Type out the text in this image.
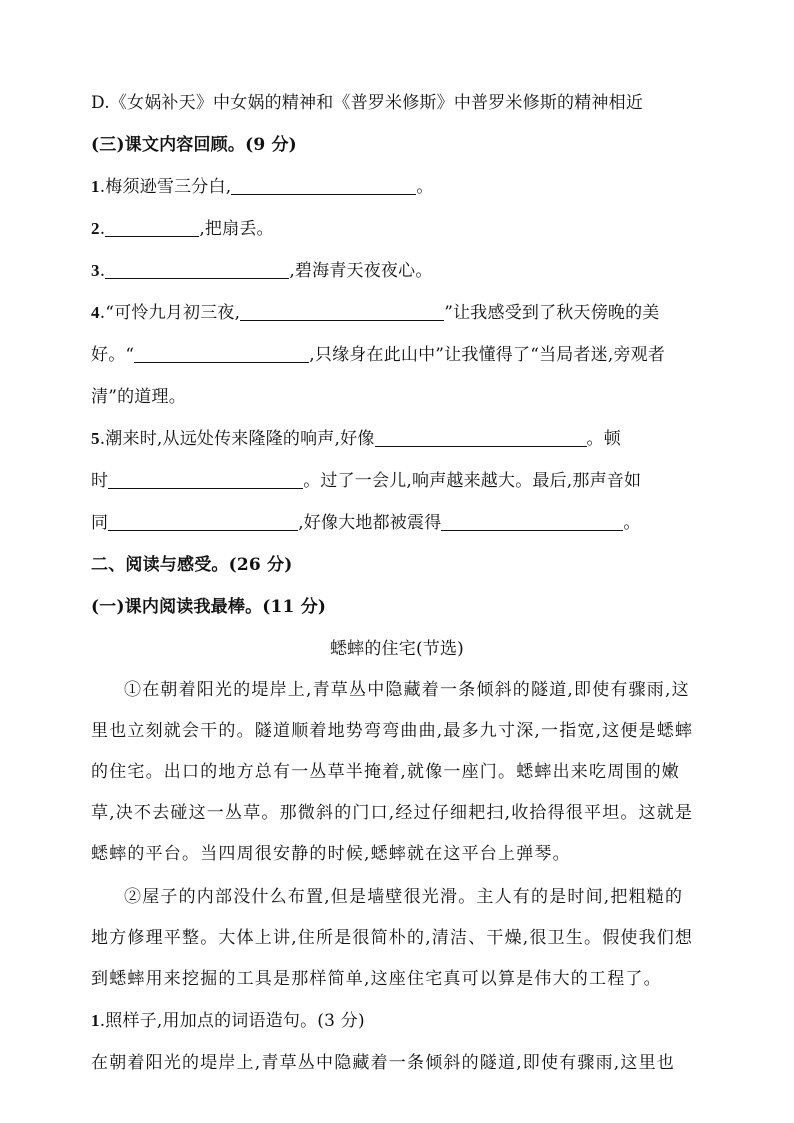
D.《女娲补天》中女娲的精神和《普罗米修斯》中普罗米修斯的精神相近
(三)课文内容回顾。(9 分)
1.梅须逊雪三分白,	。
2.	,把扇丢。
3.	,碧海青天夜夜心。
4.“可怜九月初三夜,	”让我感受到了秋天傍晚的美
好。“	,只缘身在此山中”让我懂得了“当局者迷,旁观者
清”的道理。
5.潮来时,从远处传来隆隆的响声,好像	。顿
时	。过了一会儿,响声越来越大。最后,那声音如
同	,好像大地都被震得	。
二、阅读与感受。(26 分)
(一)课内阅读我最棒。(11 分)
蟋蟀的住宅(节选)
①在朝着阳光的堤岸上,青草丛中隐藏着一条倾斜的隧道,即使有骤雨,这
里也立刻就会干的。隧道顺着地势弯弯曲曲,最多九寸深,一指宽,这便是蟋蟀
的住宅。出口的地方总有一丛草半掩着,就像一座门。蟋蟀出来吃周围的嫩
草,决不去碰这一丛草。那微斜的门口,经过仔细耙扫,收拾得很平坦。这就是
蟋蟀的平台。当四周很安静的时候,蟋蟀就在这平台上弹琴。
②屋子的内部没什么布置,但是墙壁很光滑。主人有的是时间,把粗糙的
地方修理平整。大体上讲,住所是很简朴的,清洁、干燥,很卫生。假使我们想
到蟋蟀用来挖掘的工具是那样简单,这座住宅真可以算是伟大的工程了。
1.照样子,用加点的词语造句。(3 分)
在朝着阳光的堤岸上,青草丛中隐藏着一条倾斜的隧道,即使有骤雨,这里也
